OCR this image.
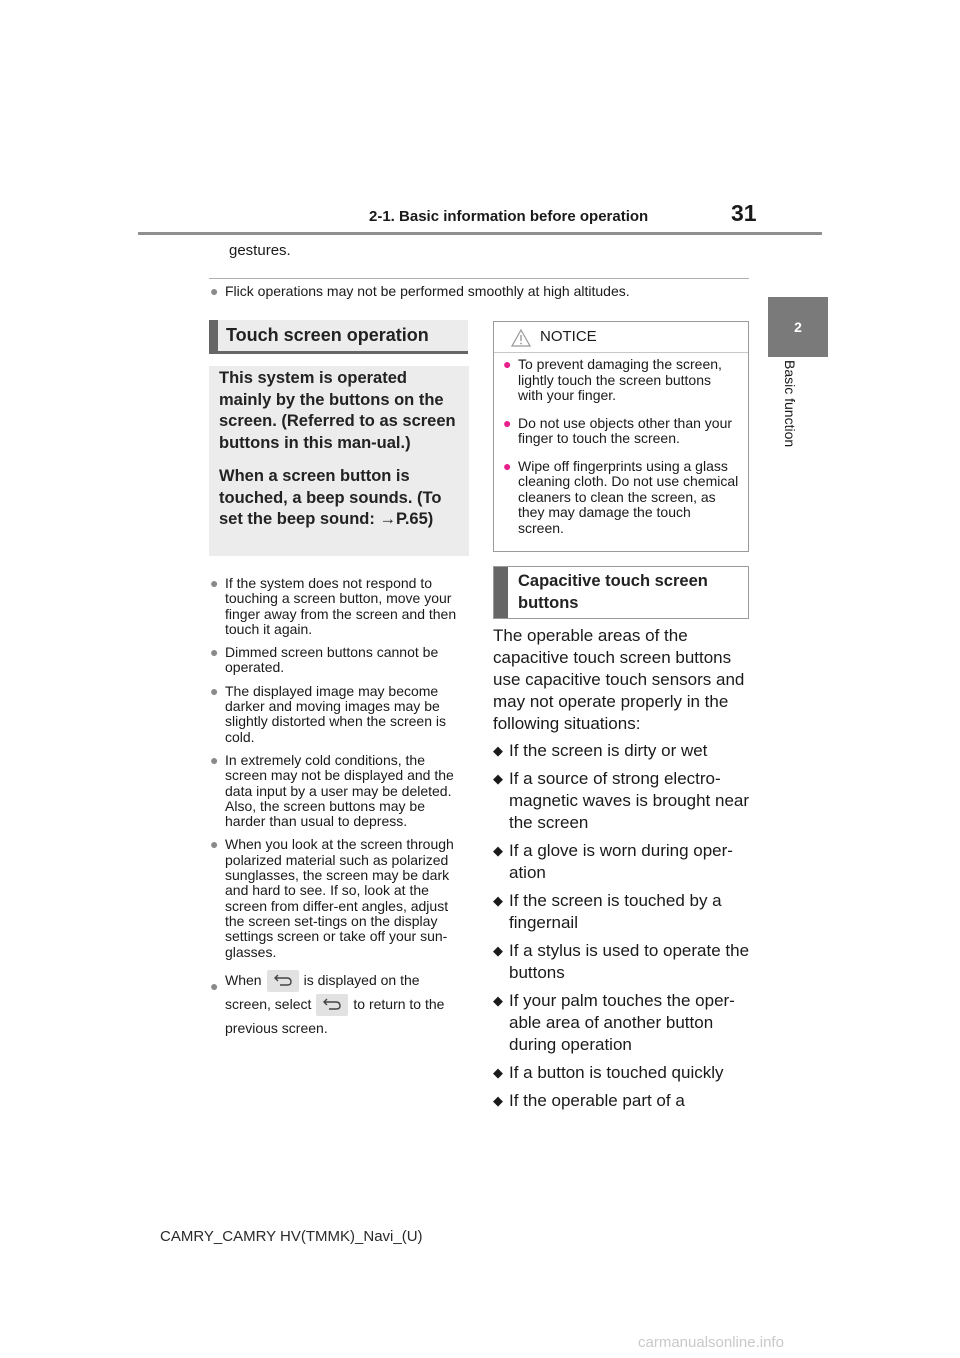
2-1. Basic information before operation	31
2
Basic function
gestures.
● Flick operations may not be performed smoothly at high altitudes.
Touch screen operation
This system is operated mainly by the buttons on the screen. (Referred to as screen buttons in this man-ual.)
When a screen button is touched, a beep sounds. (To set the beep sound: →P.65)
● If the system does not respond to touching a screen button, move your finger away from the screen and then touch it again.
● Dimmed screen buttons cannot be operated.
● The displayed image may become darker and moving images may be slightly distorted when the screen is cold.
● In extremely cold conditions, the screen may not be displayed and the data input by a user may be deleted. Also, the screen buttons may be harder than usual to depress.
● When you look at the screen through polarized material such as polarized sunglasses, the screen may be dark and hard to see. If so, look at the screen from differ-ent angles, adjust the screen set-tings on the display settings screen or take off your sun-glasses.
● When	is displayed on the screen, select	to return to the previous screen.
NOTICE
● To prevent damaging the screen, lightly touch the screen buttons with your finger.
● Do not use objects other than your finger to touch the screen.
● Wipe off fingerprints using a glass cleaning cloth. Do not use chemical cleaners to clean the screen, as they may damage the touch screen.
Capacitive touch screen buttons
The operable areas of the capacitive touch screen buttons use capacitive touch sensors and may not operate properly in the following situations:
◆ If the screen is dirty or wet
◆ If a source of strong electro-magnetic waves is brought near the screen
◆ If a glove is worn during oper-ation
◆ If the screen is touched by a fingernail
◆ If a stylus is used to operate the buttons
◆ If your palm touches the oper-able area of another button during operation
◆ If a button is touched quickly
◆ If the operable part of a
CAMRY_CAMRY HV(TMMK)_Navi_(U)
carmanualsonline.info
